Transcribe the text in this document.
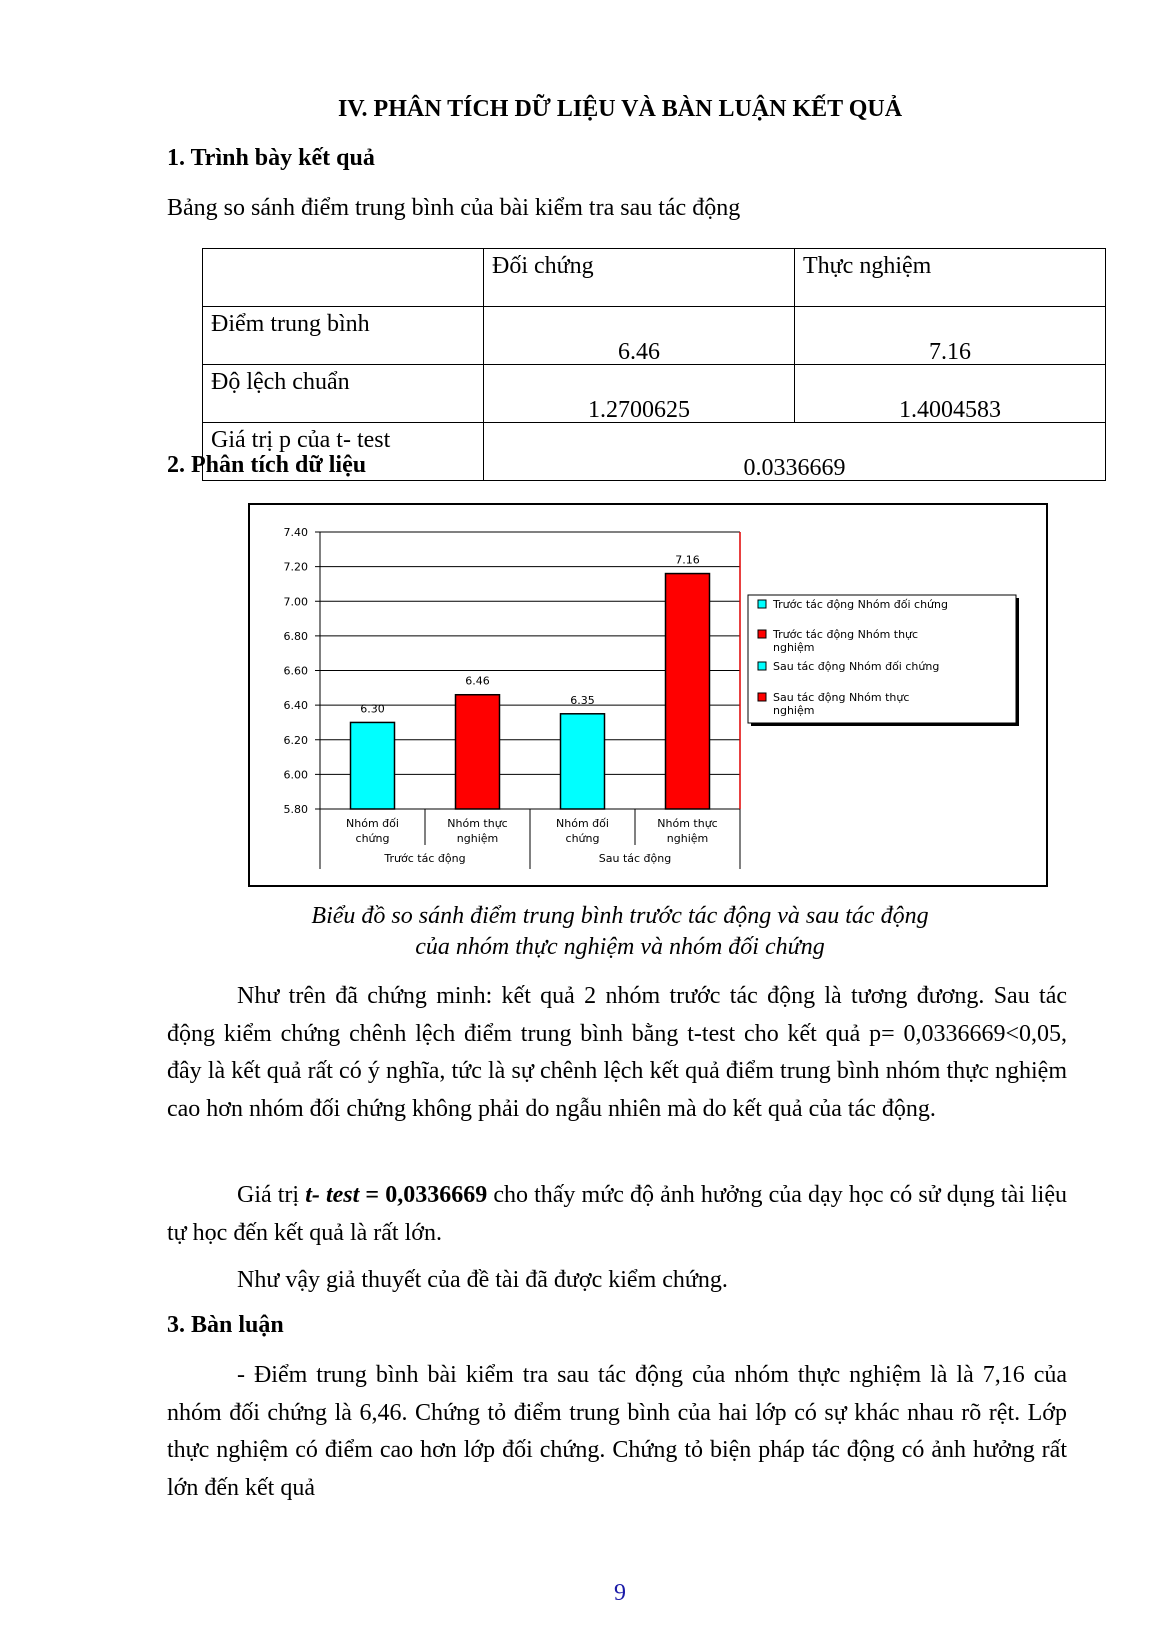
IV. PHÂN TÍCH DỮ LIỆU VÀ BÀN LUẬN KẾT QUẢ
1. Trình bày kết quả
Bảng so sánh điểm trung bình của bài kiểm tra sau tác động
	Đối chứng	Thực nghiệm
Điểm trung bình	6.46	7.16

Độ lệch chuẩn	1.2700625	1.4004583

Giá trị p của t- test	0.0336669	
2. Phân tích dữ liệu
7.40
7.20
7.00
6.80
6.60
6.40
6.20
6.00
5.80
6.30
Nhóm đối
chứng
6.46
Nhóm thực
nghiệm
6.35
Nhóm đối
chứng
7.16
Nhóm thực
nghiệm
Trước tác động	Sau tác động
Trước tác động Nhóm đối chứng
Trước tác động Nhóm thực
nghiệm
Sau tác động Nhóm đối chứng
Sau tác động Nhóm thực
nghiệm
Biểu đồ so sánh điểm trung bình trước tác động và sau tác động
của nhóm thực nghiệm và nhóm đối chứng
Như trên đã chứng minh: kết quả 2 nhóm trước tác động là tương đương. Sau tác động kiểm chứng chênh lệch điểm trung bình bằng t-test cho kết quả p= 0,0336669<0,05, đây là kết quả rất có ý nghĩa, tức là sự chênh lệch kết quả điểm trung bình nhóm thực nghiệm cao hơn nhóm đối chứng không phải do ngẫu nhiên mà do kết quả của tác động.
Giá trị t- test = 0,0336669 cho thấy mức độ ảnh hưởng của dạy học có sử dụng tài liệu tự học đến kết quả là rất lớn.
Như vậy giả thuyết của đề tài đã được kiểm chứng.
3. Bàn luận
- Điểm trung bình bài kiểm tra sau tác động của nhóm thực nghiệm là là 7,16 của nhóm đối chứng là 6,46. Chứng tỏ điểm trung bình của hai lớp có sự khác nhau rõ rệt. Lớp thực nghiệm có điểm cao hơn lớp đối chứng. Chứng tỏ biện pháp tác động có ảnh hưởng rất lớn đến kết quả
9
